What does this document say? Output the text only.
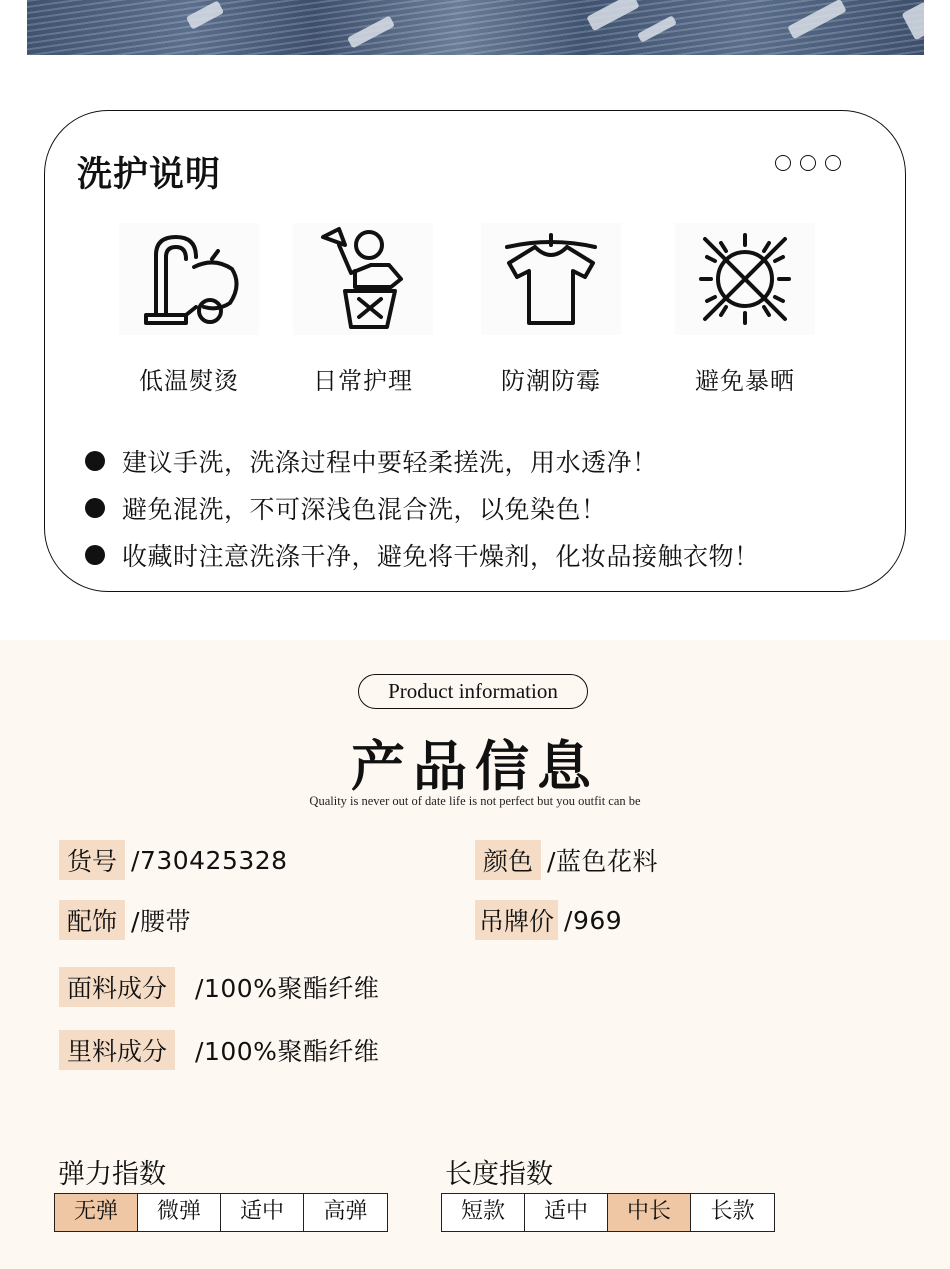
洗护说明
低温熨烫	日常护理	防潮防霉	避免暴晒
建议手洗，洗涤过程中要轻柔搓洗，用水透净！
避免混洗，不可深浅色混合洗，以免染色！
收藏时注意洗涤干净，避免将干燥剂，化妆品接触衣物！
Product information
产品信息
Quality is never out of date life is not perfect but you outfit can be
货号 /730425328	颜色 /蓝色花料
配饰 /腰带	吊牌价 /969
面料成分	/100%聚酯纤维
里料成分	/100%聚酯纤维
弹力指数
无弹	微弹	适中	高弹
长度指数
短款	适中	中长	长款
